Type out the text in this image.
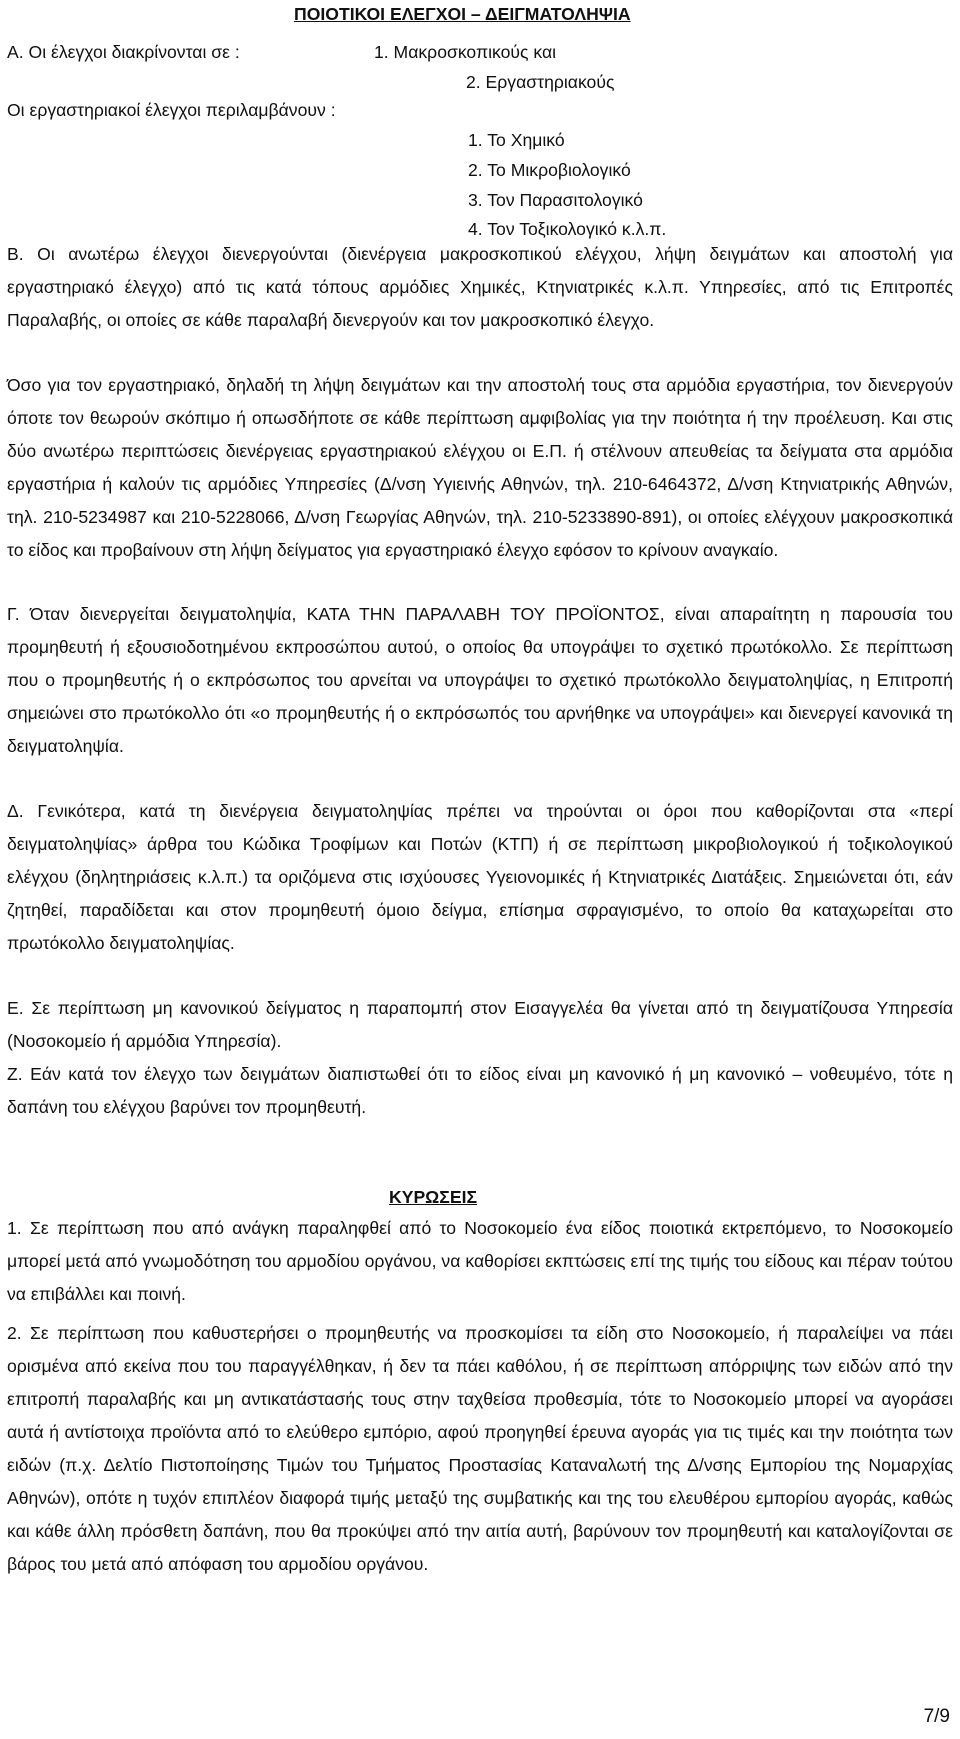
ΠΟΙΟΤΙΚΟΙ ΕΛΕΓΧΟΙ – ΔΕΙΓΜΑΤΟΛΗΨΙΑ

Α. Οι έλεγχοι διακρίνονται σε :	1. Μακροσκοπικούς και

2. Εργαστηριακούς

Οι εργαστηριακοί έλεγχοι περιλαμβάνουν :

1. Το Χημικό

2. Το Μικροβιολογικό

3. Τον Παρασιτολογικό

4. Τον Τοξικολογικό κ.λ.π.

Β. Οι ανωτέρω έλεγχοι διενεργούνται (διενέργεια μακροσκοπικού ελέγχου, λήψη δειγμάτων και αποστολή για εργαστηριακό έλεγχο) από τις κατά τόπους αρμόδιες Χημικές, Κτηνιατρικές κ.λ.π. Υπηρεσίες, από τις Επιτροπές Παραλαβής, οι οποίες σε κάθε παραλαβή διενεργούν και τον μακροσκοπικό έλεγχο.

Όσο για τον εργαστηριακό, δηλαδή τη λήψη δειγμάτων και την αποστολή τους στα αρμόδια εργαστήρια, τον διενεργούν όποτε τον θεωρούν σκόπιμο ή οπωσδήποτε σε κάθε περίπτωση αμφιβολίας για την ποιότητα ή την προέλευση. Και στις δύο ανωτέρω περιπτώσεις διενέργειας εργαστηριακού ελέγχου οι Ε.Π. ή στέλνουν απευθείας τα δείγματα στα αρμόδια εργαστήρια ή καλούν τις αρμόδιες Υπηρεσίες (Δ/νση Υγιεινής Αθηνών, τηλ. 210-6464372, Δ/νση Κτηνιατρικής Αθηνών, τηλ. 210-5234987 και 210-5228066, Δ/νση Γεωργίας Αθηνών, τηλ. 210-5233890-891), οι οποίες ελέγχουν μακροσκοπικά το είδος και προβαίνουν στη λήψη δείγματος για εργαστηριακό έλεγχο εφόσον το κρίνουν αναγκαίο.

Γ. Όταν διενεργείται δειγματοληψία, ΚΑΤΑ ΤΗΝ ΠΑΡΑΛΑΒΗ ΤΟΥ ΠΡΟΪΟΝΤΟΣ, είναι απαραίτητη η παρουσία του προμηθευτή ή εξουσιοδοτημένου εκπροσώπου αυτού, ο οποίος θα υπογράψει το σχετικό πρωτόκολλο. Σε περίπτωση που ο προμηθευτής ή ο εκπρόσωπος του αρνείται να υπογράψει το σχετικό πρωτόκολλο δειγματοληψίας, η Επιτροπή σημειώνει στο πρωτόκολλο ότι «ο προμηθευτής ή ο εκπρόσωπός του αρνήθηκε να υπογράψει» και διενεργεί κανονικά τη δειγματοληψία.

Δ. Γενικότερα, κατά τη διενέργεια δειγματοληψίας πρέπει να τηρούνται οι όροι που καθορίζονται στα «περί δειγματοληψίας» άρθρα του Κώδικα Τροφίμων και Ποτών (ΚΤΠ) ή σε περίπτωση μικροβιολογικού ή τοξικολογικού ελέγχου (δηλητηριάσεις κ.λ.π.) τα οριζόμενα στις ισχύουσες Υγειονομικές ή Κτηνιατρικές Διατάξεις. Σημειώνεται ότι, εάν ζητηθεί, παραδίδεται και στον προμηθευτή όμοιο δείγμα, επίσημα σφραγισμένο, το οποίο θα καταχωρείται στο πρωτόκολλο δειγματοληψίας.

Ε. Σε περίπτωση μη κανονικού δείγματος η παραπομπή στον Εισαγγελέα θα γίνεται από τη δειγματίζουσα Υπηρεσία (Νοσοκομείο ή αρμόδια Υπηρεσία).

Ζ. Εάν κατά τον έλεγχο των δειγμάτων διαπιστωθεί ότι το είδος είναι μη κανονικό ή μη κανονικό – νοθευμένο, τότε η δαπάνη του ελέγχου βαρύνει τον προμηθευτή.

ΚΥΡΩΣΕΙΣ

1. Σε περίπτωση που από ανάγκη παραληφθεί από το Νοσοκομείο ένα είδος ποιοτικά εκτρεπόμενο, το Νοσοκομείο μπορεί μετά από γνωμοδότηση του αρμοδίου οργάνου, να καθορίσει εκπτώσεις επί της τιμής του είδους και πέραν τούτου να επιβάλλει και ποινή.

2. Σε περίπτωση που καθυστερήσει ο προμηθευτής να προσκομίσει τα είδη στο Νοσοκομείο, ή παραλείψει να πάει ορισμένα από εκείνα που του παραγγέλθηκαν, ή δεν τα πάει καθόλου, ή σε περίπτωση απόρριψης των ειδών από την επιτροπή παραλαβής και μη αντικατάστασής τους στην ταχθείσα προθεσμία, τότε το Νοσοκομείο μπορεί να αγοράσει αυτά ή αντίστοιχα προϊόντα από το ελεύθερο εμπόριο, αφού προηγηθεί έρευνα αγοράς για τις τιμές και την ποιότητα των ειδών (π.χ. Δελτίο Πιστοποίησης Τιμών του Τμήματος Προστασίας Καταναλωτή της Δ/νσης Εμπορίου της Νομαρχίας Αθηνών), οπότε η τυχόν επιπλέον διαφορά τιμής μεταξύ της συμβατικής και της του ελευθέρου εμπορίου αγοράς, καθώς και κάθε άλλη πρόσθετη δαπάνη, που θα προκύψει από την αιτία αυτή, βαρύνουν τον προμηθευτή και καταλογίζονται σε βάρος του μετά από απόφαση του αρμοδίου οργάνου.

7/9
